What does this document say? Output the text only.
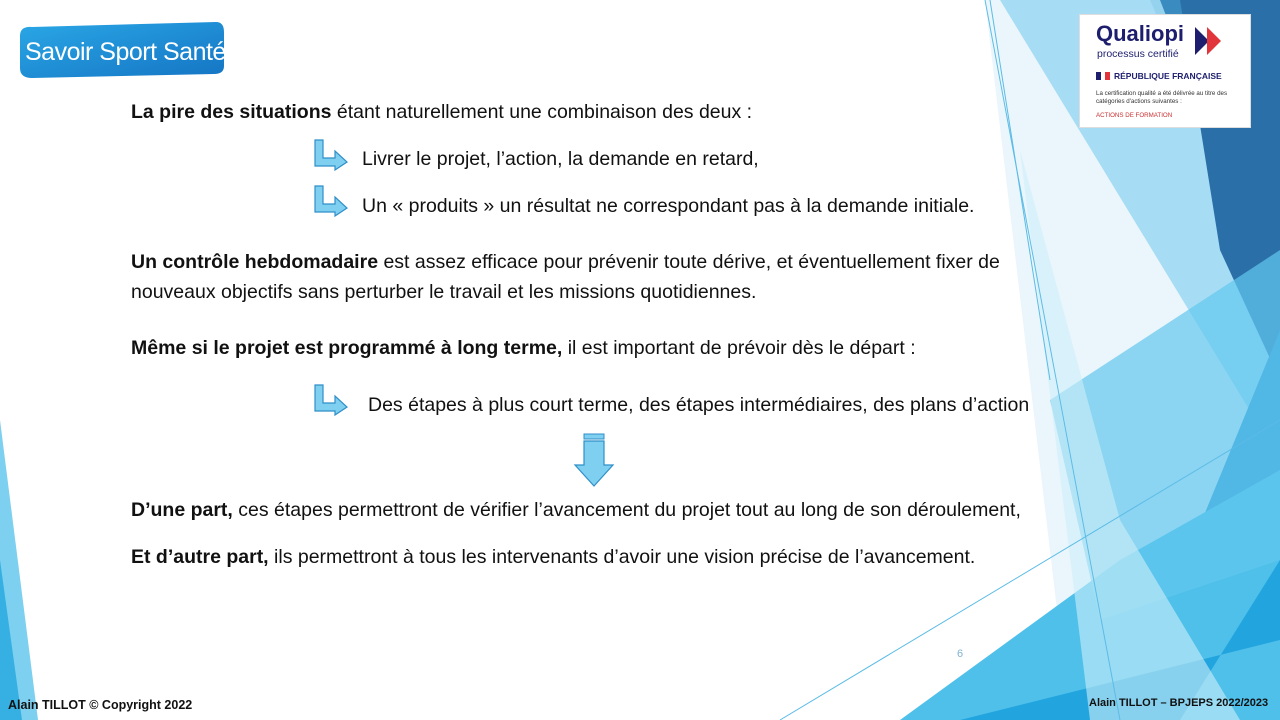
Savoir Sport Santé
Qualiopi
processus certifié
RÉPUBLIQUE FRANÇAISE
La certification qualité a été délivrée au titre des catégories d'actions suivantes :
ACTIONS DE FORMATION
La pire des situations étant naturellement une combinaison des deux :
Livrer le projet, l’action, la demande en retard,
Un « produits » un résultat ne correspondant pas à la demande initiale.
Un contrôle hebdomadaire est assez efficace pour prévenir toute dérive, et éventuellement fixer de
nouveaux objectifs sans perturber le travail et les missions quotidiennes.
Même si le projet est programmé à long terme, il est important de prévoir dès le départ :
Des étapes à plus court terme, des étapes intermédiaires, des plans d’action
D’une part, ces étapes permettront de vérifier l’avancement du projet tout au long de son déroulement,
Et d’autre part, ils permettront à tous les intervenants d’avoir une vision précise de l’avancement.
6
Alain TILLOT © Copyright 2022	Alain TILLOT – BPJEPS 2022/2023
